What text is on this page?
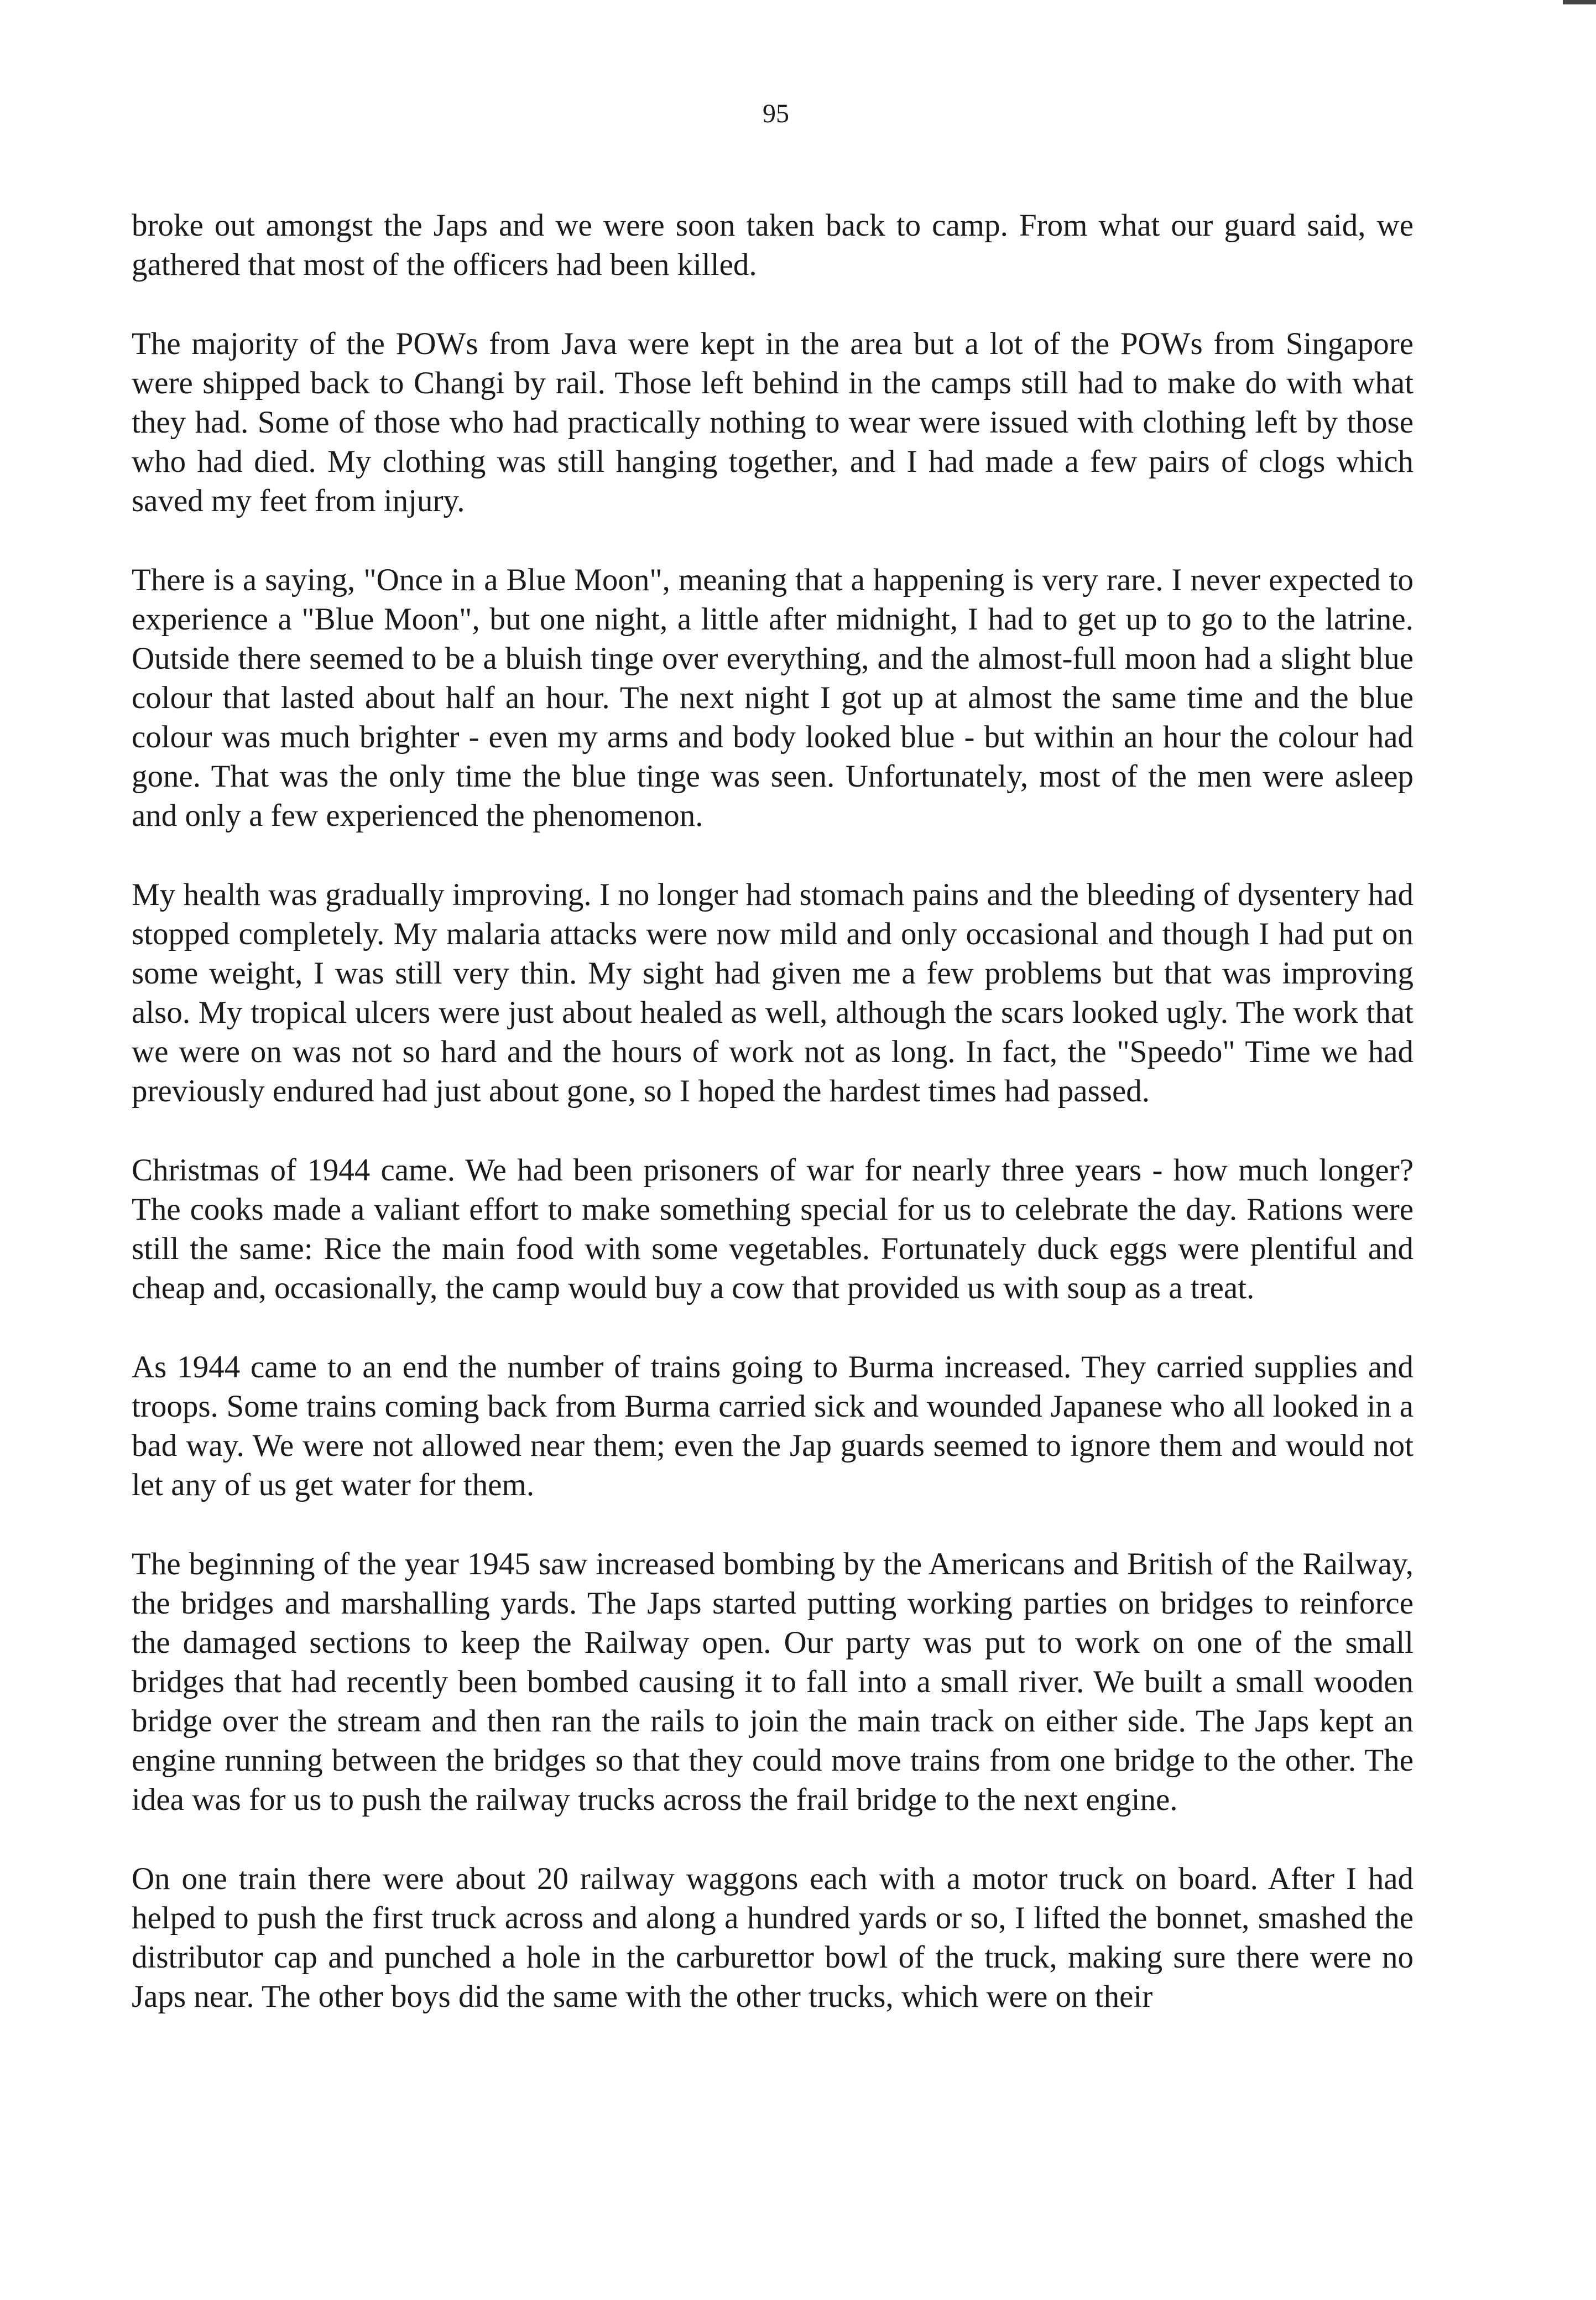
95

broke out amongst the Japs and we were soon taken back to camp. From what our guard said, we gathered that most of the officers had been killed.

The majority of the POWs from Java were kept in the area but a lot of the POWs from Singapore were shipped back to Changi by rail. Those left behind in the camps still had to make do with what they had. Some of those who had practically nothing to wear were issued with clothing left by those who had died. My clothing was still hanging together, and I had made a few pairs of clogs which saved my feet from injury.

There is a saying, "Once in a Blue Moon", meaning that a happening is very rare. I never expected to experience a "Blue Moon", but one night, a little after midnight, I had to get up to go to the latrine. Outside there seemed to be a bluish tinge over everything, and the almost-full moon had a slight blue colour that lasted about half an hour. The next night I got up at almost the same time and the blue colour was much brighter - even my arms and body looked blue - but within an hour the colour had gone. That was the only time the blue tinge was seen. Unfortunately, most of the men were asleep and only a few experienced the phenomenon.

My health was gradually improving. I no longer had stomach pains and the bleeding of dysentery had stopped completely. My malaria attacks were now mild and only occasional and though I had put on some weight, I was still very thin. My sight had given me a few problems but that was improving also. My tropical ulcers were just about healed as well, although the scars looked ugly. The work that we were on was not so hard and the hours of work not as long. In fact, the "Speedo" Time we had previously endured had just about gone, so I hoped the hardest times had passed.

Christmas of 1944 came. We had been prisoners of war for nearly three years - how much longer? The cooks made a valiant effort to make something special for us to celebrate the day. Rations were still the same: Rice the main food with some vegetables. Fortunately duck eggs were plentiful and cheap and, occasionally, the camp would buy a cow that provided us with soup as a treat.

As 1944 came to an end the number of trains going to Burma increased. They carried supplies and troops. Some trains coming back from Burma carried sick and wounded Japanese who all looked in a bad way. We were not allowed near them; even the Jap guards seemed to ignore them and would not let any of us get water for them.

The beginning of the year 1945 saw increased bombing by the Americans and British of the Railway, the bridges and marshalling yards. The Japs started putting working parties on bridges to reinforce the damaged sections to keep the Railway open. Our party was put to work on one of the small bridges that had recently been bombed causing it to fall into a small river. We built a small wooden bridge over the stream and then ran the rails to join the main track on either side. The Japs kept an engine running between the bridges so that they could move trains from one bridge to the other. The idea was for us to push the railway trucks across the frail bridge to the next engine.

On one train there were about 20 railway waggons each with a motor truck on board. After I had helped to push the first truck across and along a hundred yards or so, I lifted the bonnet, smashed the distributor cap and punched a hole in the carburettor bowl of the truck, making sure there were no Japs near. The other boys did the same with the other trucks, which were on their
